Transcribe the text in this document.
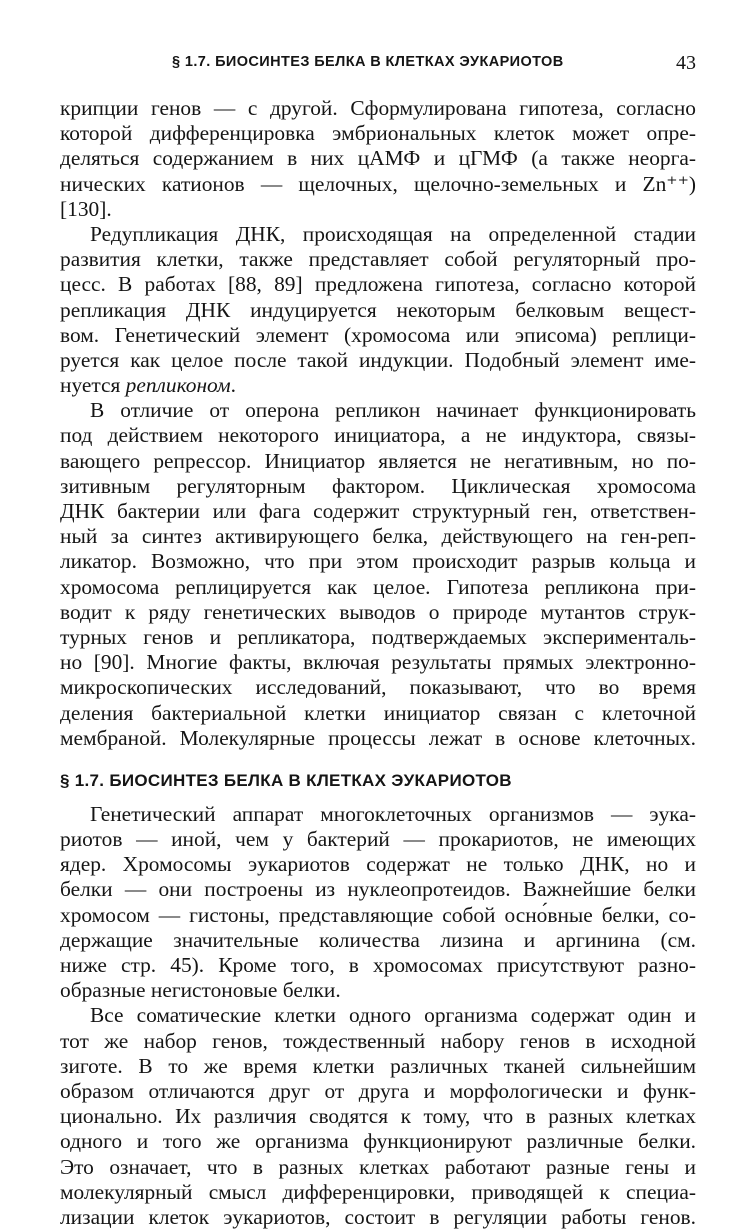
§ 1.7. БИОСИНТЕЗ БЕЛКА В КЛЕТКАХ ЭУКАРИОТОВ	43
крипции генов — с другой. Сформулирована гипотеза, согласно
которой дифференцировка эмбриональных клеток может опре-
деляться содержанием в них цАМФ и цГМФ (а также неорга-
нических катионов — щелочных, щелочно-земельных и Zn⁺⁺)
[130].
Редупликация ДНК, происходящая на определенной стадии
развития клетки, также представляет собой регуляторный про-
цесс. В работах [88, 89] предложена гипотеза, согласно которой
репликация ДНК индуцируется некоторым белковым вещест-
вом. Генетический элемент (хромосома или эписома) реплици-
руется как целое после такой индукции. Подобный элемент име-
нуется репликоном.
В отличие от оперона репликон начинает функционировать
под действием некоторого инициатора, а не индуктора, связы-
вающего репрессор. Инициатор является не негативным, но по-
зитивным регуляторным фактором. Циклическая хромосома
ДНК бактерии или фага содержит структурный ген, ответствен-
ный за синтез активирующего белка, действующего на ген-реп-
ликатор. Возможно, что при этом происходит разрыв кольца и
хромосома реплицируется как целое. Гипотеза репликона при-
водит к ряду генетических выводов о природе мутантов струк-
турных генов и репликатора, подтверждаемых эксперименталь-
но [90]. Многие факты, включая результаты прямых электронно-
микроскопических исследований, показывают, что во время
деления бактериальной клетки инициатор связан с клеточной
мембраной. Молекулярные процессы лежат в основе клеточных.
§ 1.7. БИОСИНТЕЗ БЕЛКА В КЛЕТКАХ ЭУКАРИОТОВ
Генетический аппарат многоклеточных организмов — эука-
риотов — иной, чем у бактерий — прокариотов, не имеющих
ядер. Хромосомы эукариотов содержат не только ДНК, но и
белки — они построены из нуклеопротеидов. Важнейшие белки
хромосом — гистоны, представляющие собой осно́вные белки, со-
держащие значительные количества лизина и аргинина (см.
ниже стр. 45). Кроме того, в хромосомах присутствуют разно-
образные негистоновые белки.
Все соматические клетки одного организма содержат один и
тот же набор генов, тождественный набору генов в исходной
зиготе. В то же время клетки различных тканей сильнейшим
образом отличаются друг от друга и морфологически и функ-
ционально. Их различия сводятся к тому, что в разных клетках
одного и того же организма функционируют различные белки.
Это означает, что в разных клетках работают разные гены и
молекулярный смысл дифференцировки, приводящей к специа-
лизации клеток эукариотов, состоит в регуляции работы генов.
